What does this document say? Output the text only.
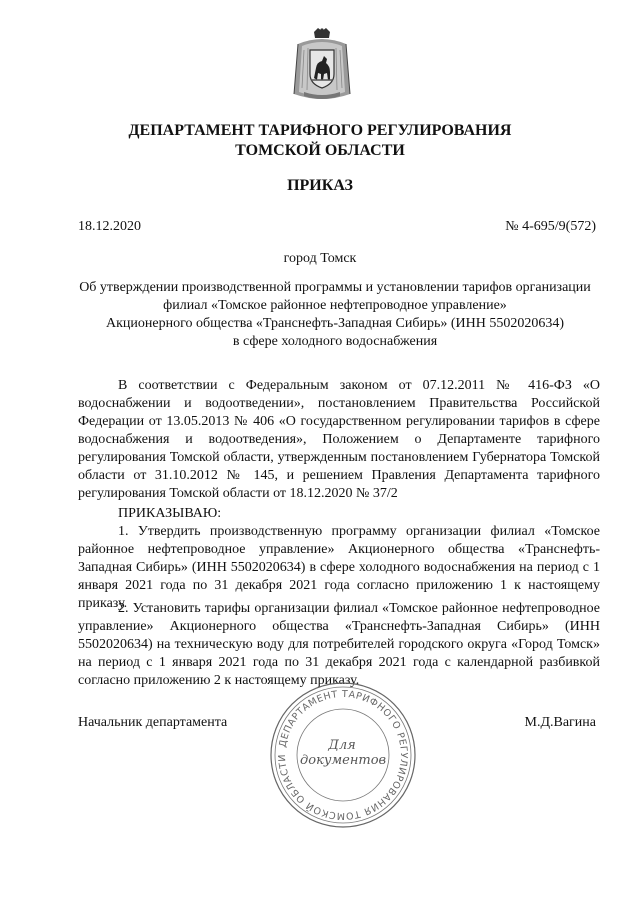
ДЕПАРТАМЕНТ ТАРИФНОГО РЕГУЛИРОВАНИЯ
ТОМСКОЙ ОБЛАСТИ
ПРИКАЗ
18.12.2020	№ 4-695/9(572)
город Томск
Об утверждении производственной программы и установлении тарифов организации
филиал «Томское районное нефтепроводное управление»
Акционерного общества «Транснефть-Западная Сибирь» (ИНН 5502020634)
в сфере холодного водоснабжения
В соответствии с Федеральным законом от 07.12.2011 № 416-ФЗ «О водоснабжении и водоотведении», постановлением Правительства Российской Федерации от 13.05.2013 № 406 «О государственном регулировании тарифов в сфере водоснабжения и водоотведения», Положением о Департаменте тарифного регулирования Томской области, утвержденным постановлением Губернатора Томской области от 31.10.2012 № 145, и решением Правления Департамента тарифного регулирования Томской области от 18.12.2020 № 37/2
ПРИКАЗЫВАЮ:
1. Утвердить производственную программу организации филиал «Томское районное нефтепроводное управление» Акционерного общества «Транснефть-Западная Сибирь» (ИНН 5502020634) в сфере холодного водоснабжения на период с 1 января 2021 года по 31 декабря 2021 года согласно приложению 1 к настоящему приказу.
2. Установить тарифы организации филиал «Томское районное нефтепроводное управление» Акционерного общества «Транснефть-Западная Сибирь» (ИНН 5502020634) на техническую воду для потребителей городского округа «Город Томск» на период с 1 января 2021 года по 31 декабря 2021 года с календарной разбивкой согласно приложению 2 к настоящему приказу.
Начальник департамента	М.Д.Вагина
ДЕПАРТАМЕНТ ТАРИФНОГО РЕГУЛИРОВАНИЯ ТОМСКОЙ ОБЛАСТИ
Для
документов
